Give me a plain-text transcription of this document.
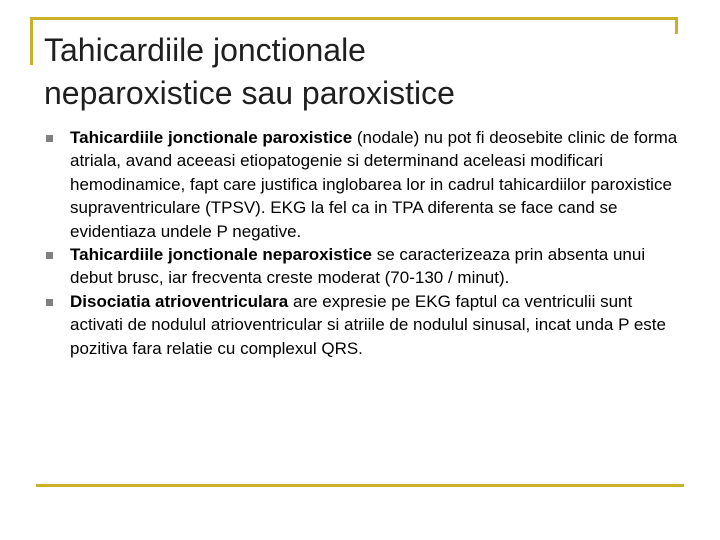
Tahicardiile jonctionale
neparoxistice sau paroxistice
Tahicardiile jonctionale paroxistice (nodale) nu pot fi deosebite clinic de forma atriala, avand aceeasi etiopatogenie si determinand aceleasi modificari hemodinamice, fapt care justifica inglobarea lor in cadrul tahicardiilor paroxistice supraventriculare (TPSV). EKG la fel ca in TPA diferenta se face cand se evidentiaza undele P negative.
Tahicardiile jonctionale neparoxistice se caracterizeaza prin absenta unui debut brusc, iar frecventa creste moderat (70-130 / minut).
Disociatia atrioventriculara are expresie pe EKG faptul ca ventriculii sunt activati de nodulul atrioventricular si atriile de nodulul sinusal, incat unda P este pozitiva fara relatie cu complexul QRS.
